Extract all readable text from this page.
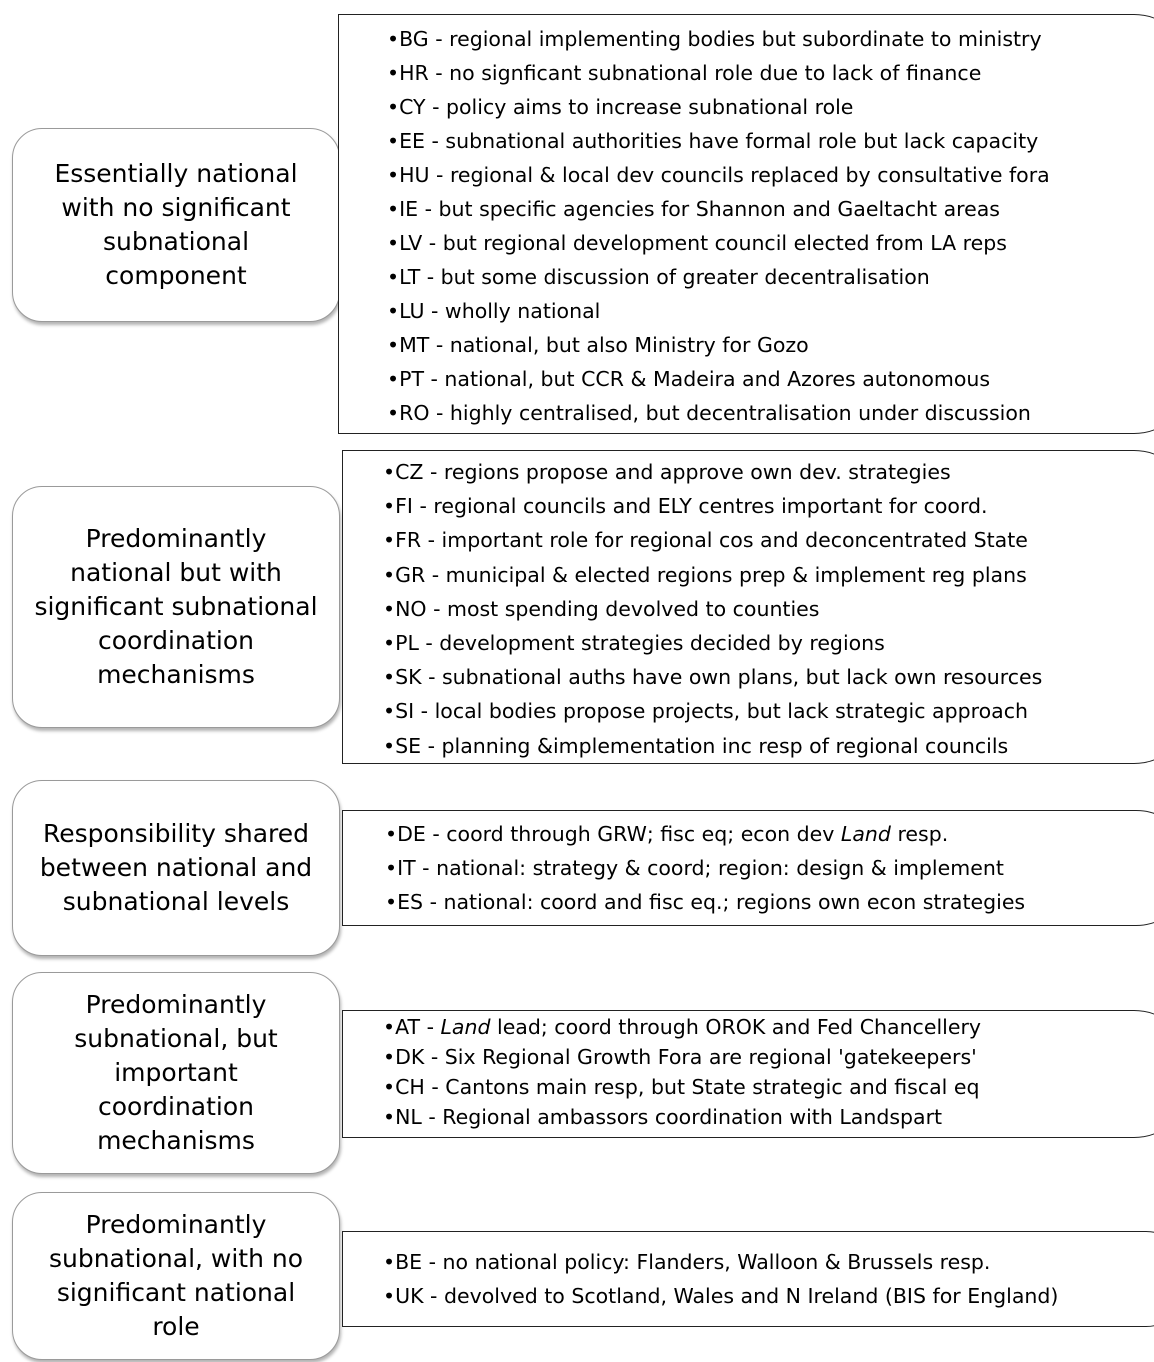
Essentially national
with no significant
subnational
component
Predominantly
national but with
significant subnational
coordination
mechanisms
Responsibility shared
between national and
subnational levels
Predominantly
subnational, but
important
coordination
mechanisms
Predominantly
subnational, with no
significant national
role
• BG - regional implementing bodies but subordinate to ministry
• HR - no signficant subnational role due to lack of finance
• CY - policy aims to increase subnational role
• EE - subnational authorities have formal role but lack capacity
• HU - regional & local dev councils replaced by consultative fora
• IE - but specific agencies for Shannon and Gaeltacht areas
• LV - but regional development council elected from LA reps
• LT - but some discussion of greater decentralisation
• LU - wholly national
• MT - national, but also Ministry for Gozo
• PT - national, but CCR & Madeira and Azores autonomous
• RO - highly centralised, but decentralisation under discussion
• CZ - regions propose and approve own dev. strategies
• FI - regional councils and ELY centres important for coord.
• FR - important role for regional cos and deconcentrated State
• GR - municipal & elected regions prep & implement reg plans
• NO - most spending devolved to counties
• PL - development strategies decided by regions
• SK - subnational auths have own plans, but lack own resources
• SI - local bodies propose projects, but lack strategic approach
• SE - planning &implementation inc resp of regional councils
• DE - coord through GRW; fisc eq; econ dev Land resp.
• IT - national: strategy & coord; region: design & implement
• ES - national: coord and fisc eq.; regions own econ strategies
• AT - Land lead; coord through OROK and Fed Chancellery
• DK - Six Regional Growth Fora are regional 'gatekeepers'
• CH - Cantons main resp, but State strategic and fiscal eq
• NL - Regional ambassors coordination with Landspart
• BE - no national policy: Flanders, Walloon & Brussels resp.
• UK - devolved to Scotland, Wales and N Ireland (BIS for England)
